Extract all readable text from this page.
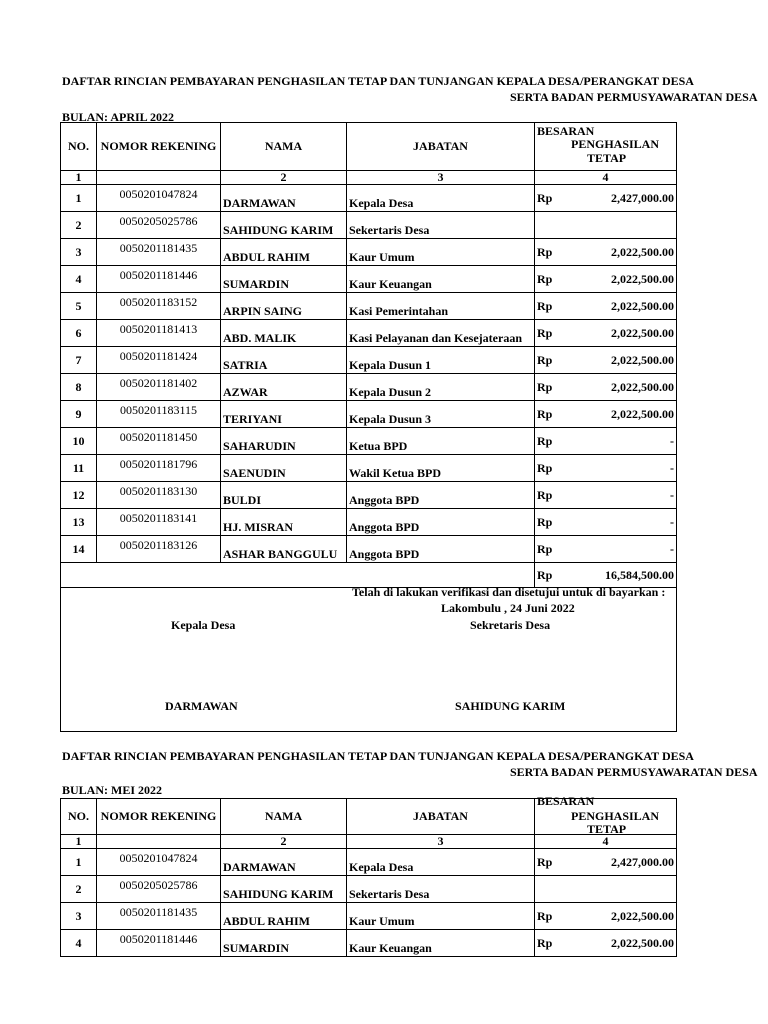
DAFTAR RINCIAN PEMBAYARAN PENGHASILAN TETAP DAN TUNJANGAN KEPALA DESA/PERANGKAT DESA
SERTA BADAN PERMUSYAWARATAN DESA
BULAN: APRIL 2022
NO.	NOMOR REKENING	NAMA	JABATAN	BESARAN
PENGHASILAN
TETAP

1		2	3	4
1	0050201047824	DARMAWAN	Kepala Desa	Rp 2,427,000.00

2	0050205025786	SAHIDUNG KARIM	Sekertaris Desa	

3	0050201181435	ABDUL RAHIM	Kaur Umum	Rp 2,022,500.00

4	0050201181446	SUMARDIN	Kaur Keuangan	Rp 2,022,500.00

5	0050201183152	ARPIN SAING	Kasi Pemerintahan	Rp 2,022,500.00

6	0050201181413	ABD. MALIK	Kasi Pelayanan dan Kesejateraan	Rp 2,022,500.00

7	0050201181424	SATRIA	Kepala Dusun 1	Rp 2,022,500.00

8	0050201181402	AZWAR	Kepala Dusun 2	Rp 2,022,500.00

9	0050201183115	TERIYANI	Kepala Dusun 3	Rp 2,022,500.00

10	0050201181450	SAHARUDIN	Ketua BPD	Rp -

11	0050201181796	SAENUDIN	Wakil Ketua BPD	Rp -

12	0050201183130	BULDI	Anggota BPD	Rp -

13	0050201183141	HJ. MISRAN	Anggota BPD	Rp -

14	0050201183126	ASHAR BANGGULU	Anggota BPD	Rp -

				Rp 16,584,500.00
Telah di lakukan verifikasi dan disetujui untuk di bayarkan :
Lakombulu , 24 Juni 2022
Kepala Desa	Sekretaris Desa
DARMAWAN	SAHIDUNG KARIM
DAFTAR RINCIAN PEMBAYARAN PENGHASILAN TETAP DAN TUNJANGAN KEPALA DESA/PERANGKAT DESA
SERTA BADAN PERMUSYAWARATAN DESA
BULAN: MEI 2022
NO.	NOMOR REKENING	NAMA	JABATAN	BESARAN
PENGHASILAN
TETAP

1		2	3	4
1	0050201047824	DARMAWAN	Kepala Desa	Rp 2,427,000.00

2	0050205025786	SAHIDUNG KARIM	Sekertaris Desa	

3	0050201181435	ABDUL RAHIM	Kaur Umum	Rp 2,022,500.00

4	0050201181446	SUMARDIN	Kaur Keuangan	Rp 2,022,500.00
